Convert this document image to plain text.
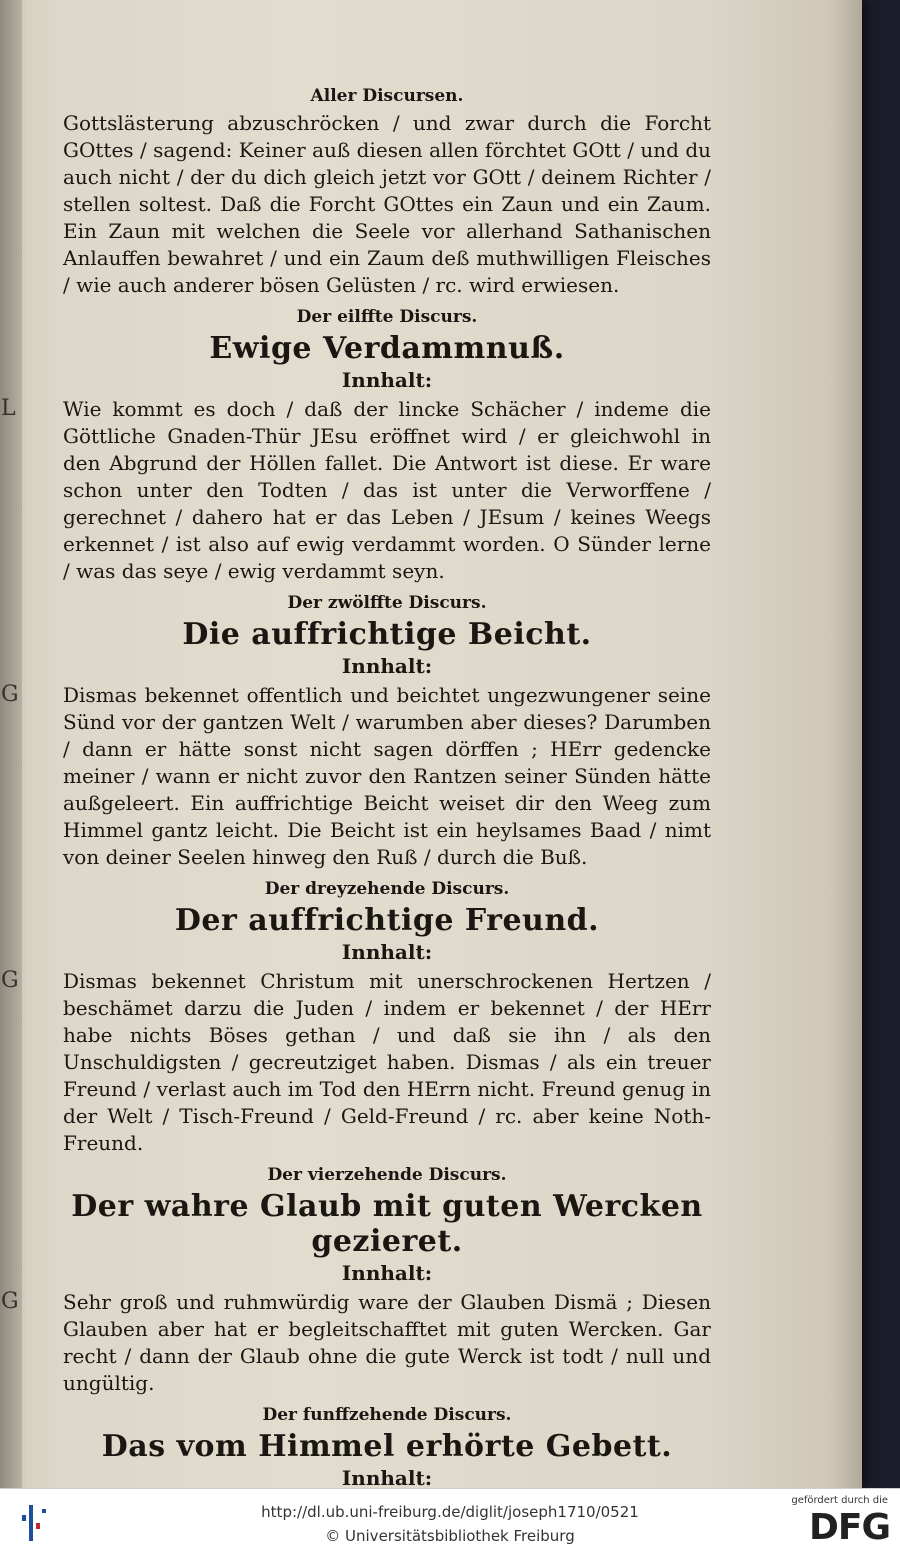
Aller Discursen.

Gottslästerung abzuschröcken / und zwar durch die Forcht GOttes / sagend: Keiner auß diesen allen förchtet GOtt / und du auch nicht / der du dich gleich jetzt vor GOtt / deinem Richter / stellen soltest. Daß die Forcht GOttes ein Zaun und ein Zaum. Ein Zaun mit welchen die Seele vor allerhand Sathanischen Anlauffen bewahret / und ein Zaum deß muthwilligen Fleisches / wie auch anderer bösen Gelüsten / rc. wird erwiesen.

Der eilffte Discurs.
Ewige Verdammnuß.
Innhalt:
L	Wie kommt es doch / daß der lincke Schächer / indeme die Göttliche Gnaden-Thür JEsu eröffnet wird / er gleichwohl in den Abgrund der Höllen fallet. Die Antwort ist diese. Er ware schon unter den Todten / das ist unter die Verworffene / gerechnet / dahero hat er das Leben / JEsum / keines Weegs erkennet / ist also auf ewig verdammt worden. O Sünder lerne / was das seye / ewig verdammt seyn.

Der zwölffte Discurs.
Die auffrichtige Beicht.
Innhalt:
G	Dismas bekennet offentlich und beichtet ungezwungener seine Sünd vor der gantzen Welt / warumben aber dieses? Darumben / dann er hätte sonst nicht sagen dörffen ; HErr gedencke meiner / wann er nicht zuvor den Rantzen seiner Sünden hätte außgeleert. Ein auffrichtige Beicht weiset dir den Weeg zum Himmel gantz leicht. Die Beicht ist ein heylsames Baad / nimt von deiner Seelen hinweg den Ruß / durch die Buß.

Der dreyzehende Discurs.
Der auffrichtige Freund.
Innhalt:
G	Dismas bekennet Christum mit unerschrockenen Hertzen / beschämet darzu die Juden / indem er bekennet / der HErr habe nichts Böses gethan / und daß sie ihn / als den Unschuldigsten / gecreutziget haben. Dismas / als ein treuer Freund / verlast auch im Tod den HErrn nicht. Freund genug in der Welt / Tisch-Freund / Geld-Freund / rc. aber keine Noth-Freund.

Der vierzehende Discurs.
Der wahre Glaub mit guten Wercken gezieret.
Innhalt:
G	Sehr groß und ruhmwürdig ware der Glauben Dismä ; Diesen Glauben aber hat er begleitschafftet mit guten Wercken. Gar recht / dann der Glaub ohne die gute Werck ist todt / null und ungültig.

Der funffzehende Discurs.
Das vom Himmel erhörte Gebett.
Innhalt:

http://dl.ub.uni-freiburg.de/diglit/joseph1710/0521
© Universitätsbibliothek Freiburg
gefördert durch die
DFG
